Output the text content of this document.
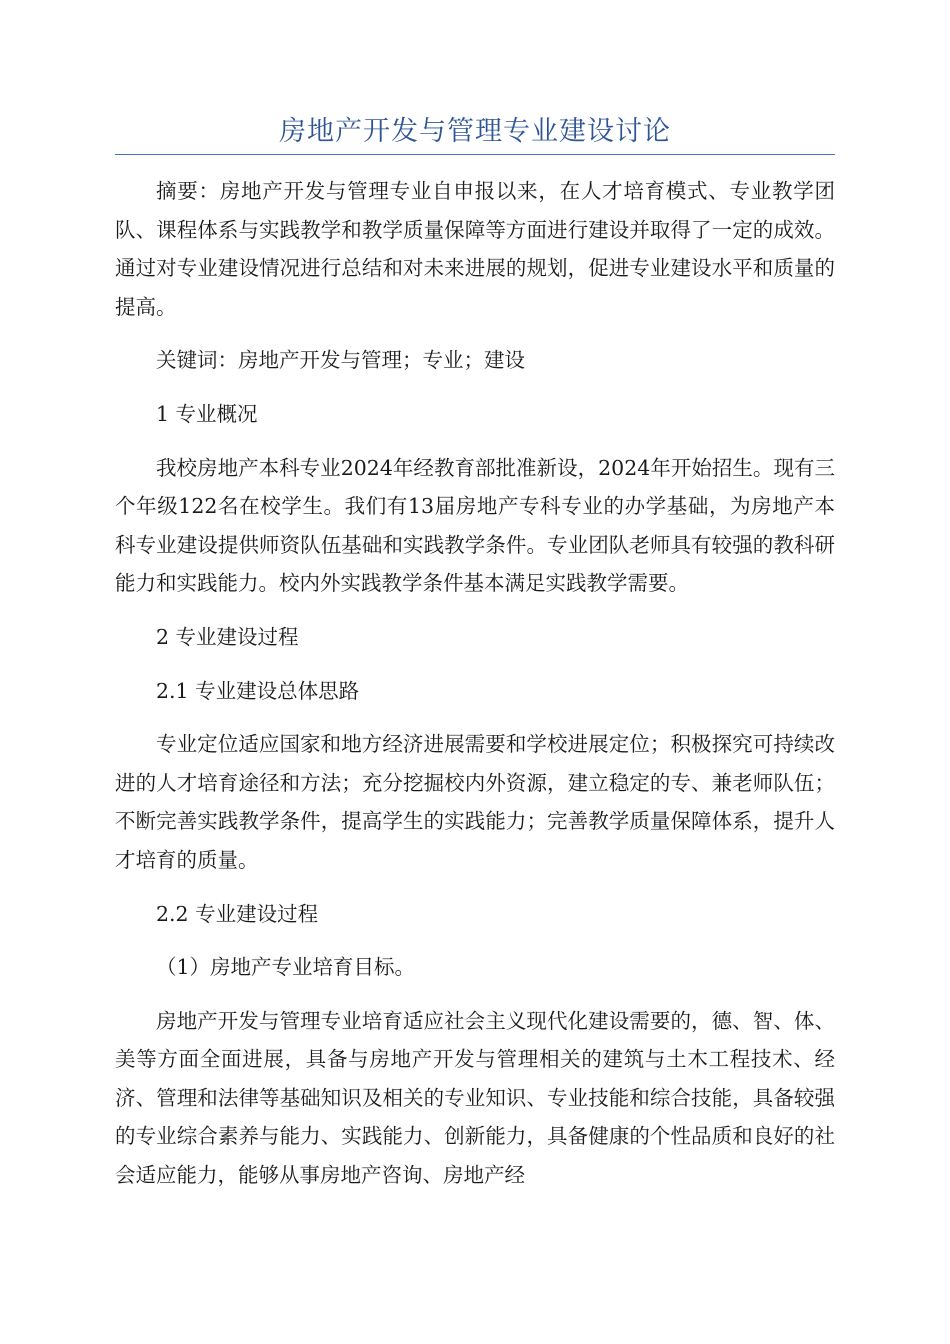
房地产开发与管理专业建设讨论

摘要：房地产开发与管理专业自申报以来，在人才培育模式、专业教学团队、课程体系与实践教学和教学质量保障等方面进行建设并取得了一定的成效。通过对专业建设情况进行总结和对未来进展的规划，促进专业建设水平和质量的提高。

关键词：房地产开发与管理；专业；建设

1 专业概况

我校房地产本科专业2024年经教育部批准新设，2024年开始招生。现有三个年级122名在校学生。我们有13届房地产专科专业的办学基础，为房地产本科专业建设提供师资队伍基础和实践教学条件。专业团队老师具有较强的教科研能力和实践能力。校内外实践教学条件基本满足实践教学需要。

2 专业建设过程

2.1 专业建设总体思路

专业定位适应国家和地方经济进展需要和学校进展定位；积极探究可持续改进的人才培育途径和方法；充分挖掘校内外资源，建立稳定的专、兼老师队伍；不断完善实践教学条件，提高学生的实践能力；完善教学质量保障体系，提升人才培育的质量。

2.2 专业建设过程

（1）房地产专业培育目标。

房地产开发与管理专业培育适应社会主义现代化建设需要的，德、智、体、美等方面全面进展，具备与房地产开发与管理相关的建筑与土木工程技术、经济、管理和法律等基础知识及相关的专业知识、专业技能和综合技能，具备较强的专业综合素养与能力、实践能力、创新能力，具备健康的个性品质和良好的社会适应能力，能够从事房地产咨询、房地产经
